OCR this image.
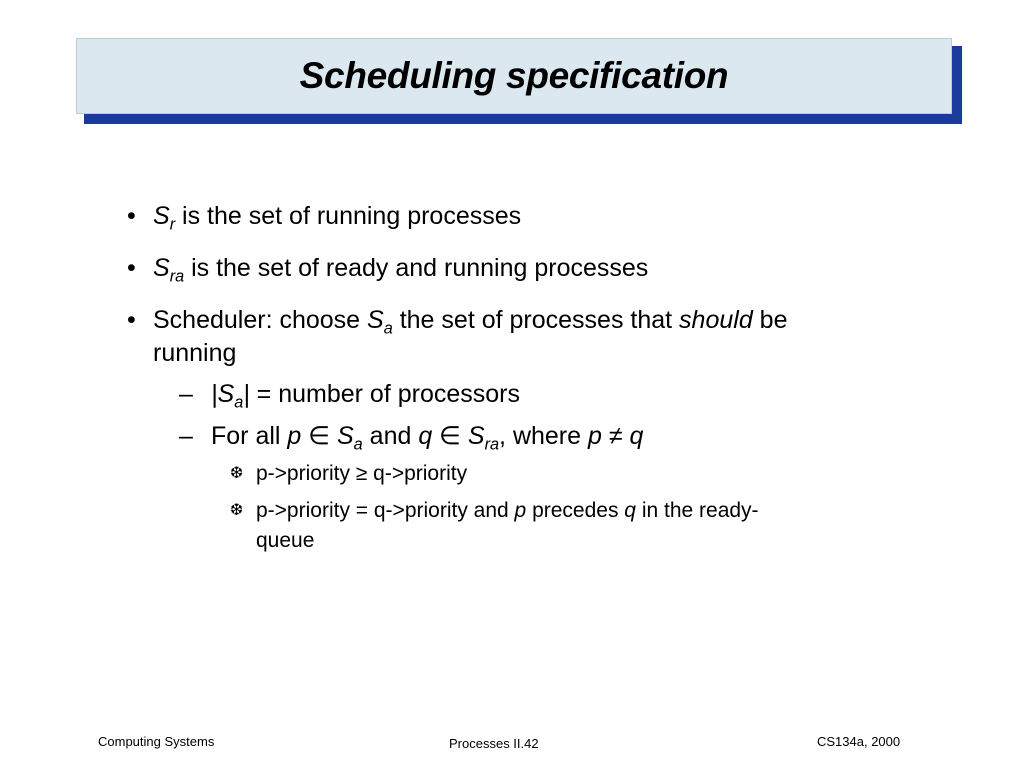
Scheduling specification
• $S_r$ is the set of running processes
• $S_{ra}$ is the set of ready and running processes
• Scheduler: choose $S_a$ the set of processes that should be
running
– $|S_a|$ = number of processors
– For all p ∈ $S_a$ and q ∈ $S_{ra}$, where p ≠ q
❆ p->priority ≥ q->priority
❆ p->priority = q->priority and p precedes q in the ready-
queue
Computing Systems	Processes II.42	CS134a, 2000
